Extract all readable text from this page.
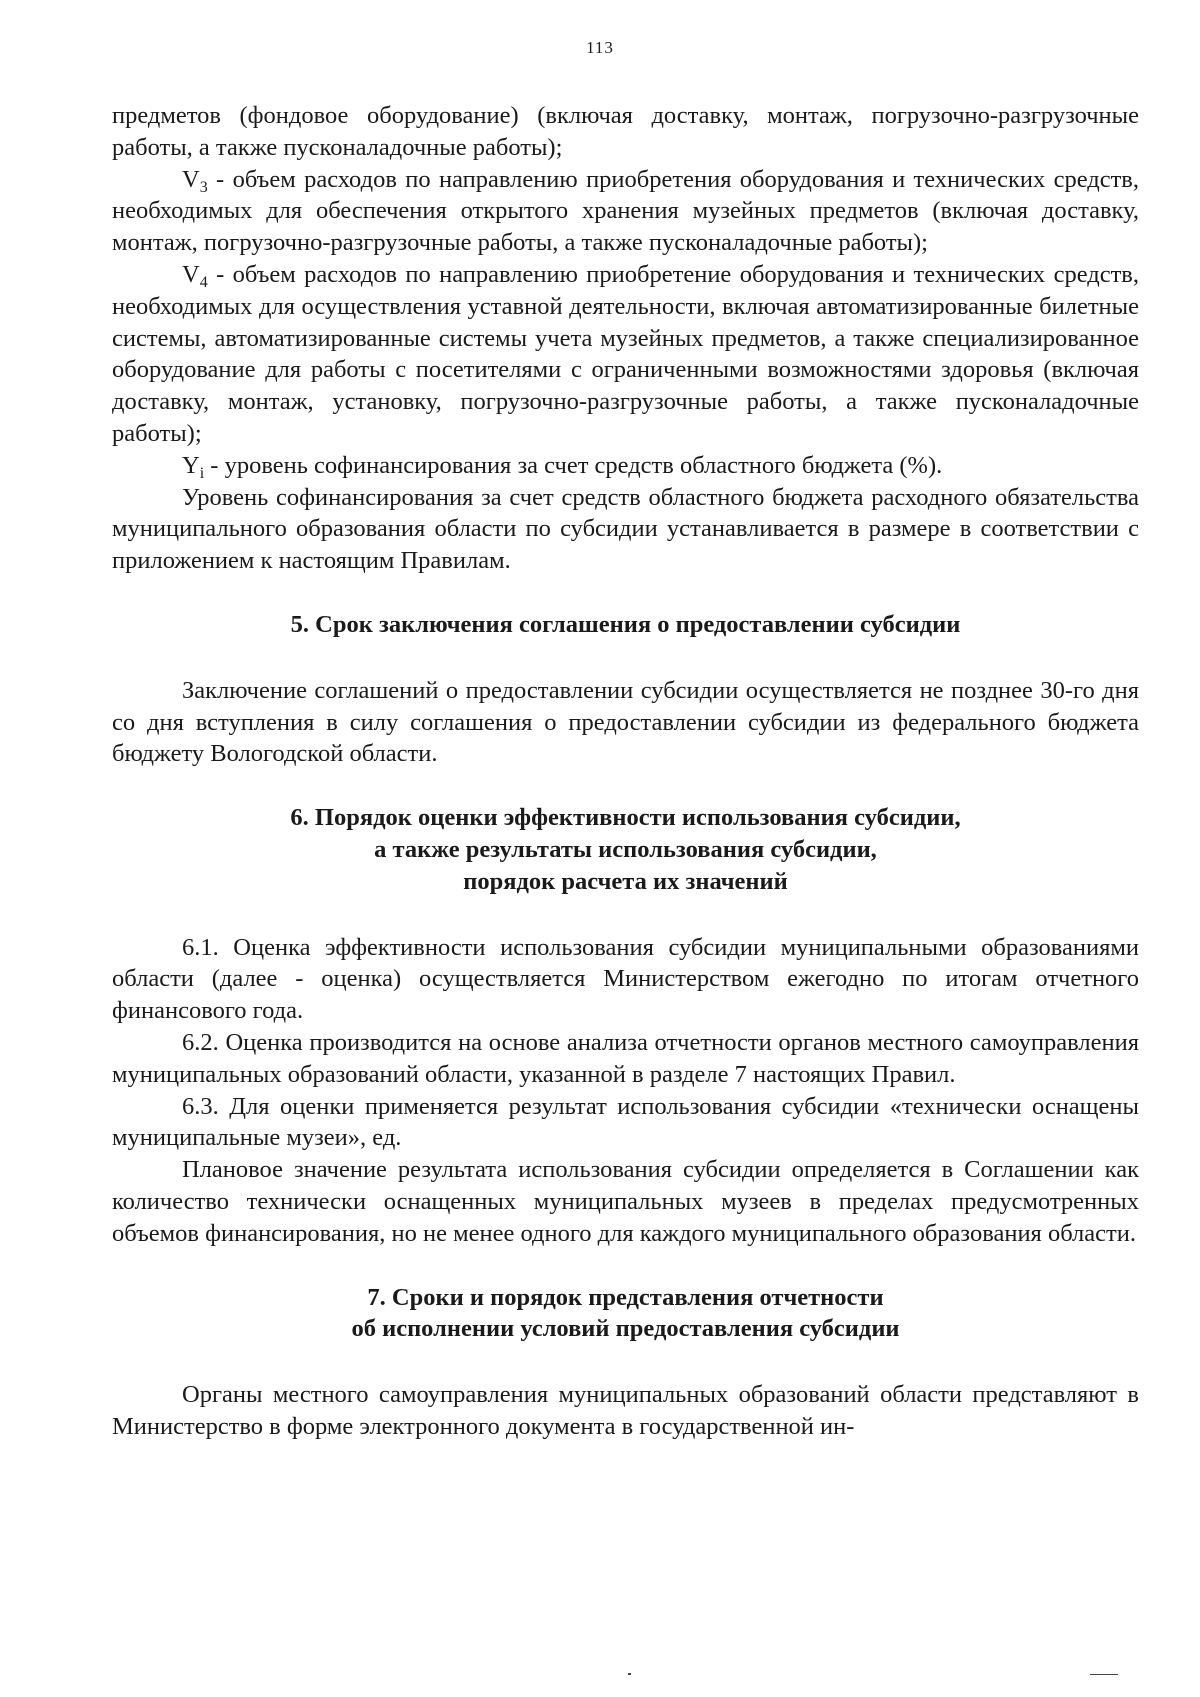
113

предметов (фондовое оборудование) (включая доставку, монтаж, погрузочно-разгрузочные работы, а также пусконаладочные работы);

$V_3$ - объем расходов по направлению приобретения оборудования и технических средств, необходимых для обеспечения открытого хранения музейных предметов (включая доставку, монтаж, погрузочно-разгрузочные работы, а также пусконаладочные работы);

$V_4$ - объем расходов по направлению приобретение оборудования и технических средств, необходимых для осуществления уставной деятельности, включая автоматизированные билетные системы, автоматизированные системы учета музейных предметов, а также специализированное оборудование для работы с посетителями с ограниченными возможностями здоровья (включая доставку, монтаж, установку, погрузочно-разгрузочные работы, а также пусконаладочные работы);

$Y_i$ - уровень софинансирования за счет средств областного бюджета (%).

Уровень софинансирования за счет средств областного бюджета расходного обязательства муниципального образования области по субсидии устанавливается в размере в соответствии с приложением к настоящим Правилам.

5. Срок заключения соглашения о предоставлении субсидии

Заключение соглашений о предоставлении субсидии осуществляется не позднее 30-го дня со дня вступления в силу соглашения о предоставлении субсидии из федерального бюджета бюджету Вологодской области.

6. Порядок оценки эффективности использования субсидии,

а также результаты использования субсидии,

порядок расчета их значений

6.1. Оценка эффективности использования субсидии муниципальными образованиями области (далее - оценка) осуществляется Министерством ежегодно по итогам отчетного финансового года.

6.2. Оценка производится на основе анализа отчетности органов местного самоуправления муниципальных образований области, указанной в разделе 7 настоящих Правил.

6.3. Для оценки применяется результат использования субсидии «технически оснащены муниципальные музеи», ед.

Плановое значение результата использования субсидии определяется в Соглашении как количество технически оснащенных муниципальных музеев в пределах предусмотренных объемов финансирования, но не менее одного для каждого муниципального образования области.

7. Сроки и порядок представления отчетности

об исполнении условий предоставления субсидии

Органы местного самоуправления муниципальных образований области представляют в Министерство в форме электронного документа в государственной ин-
